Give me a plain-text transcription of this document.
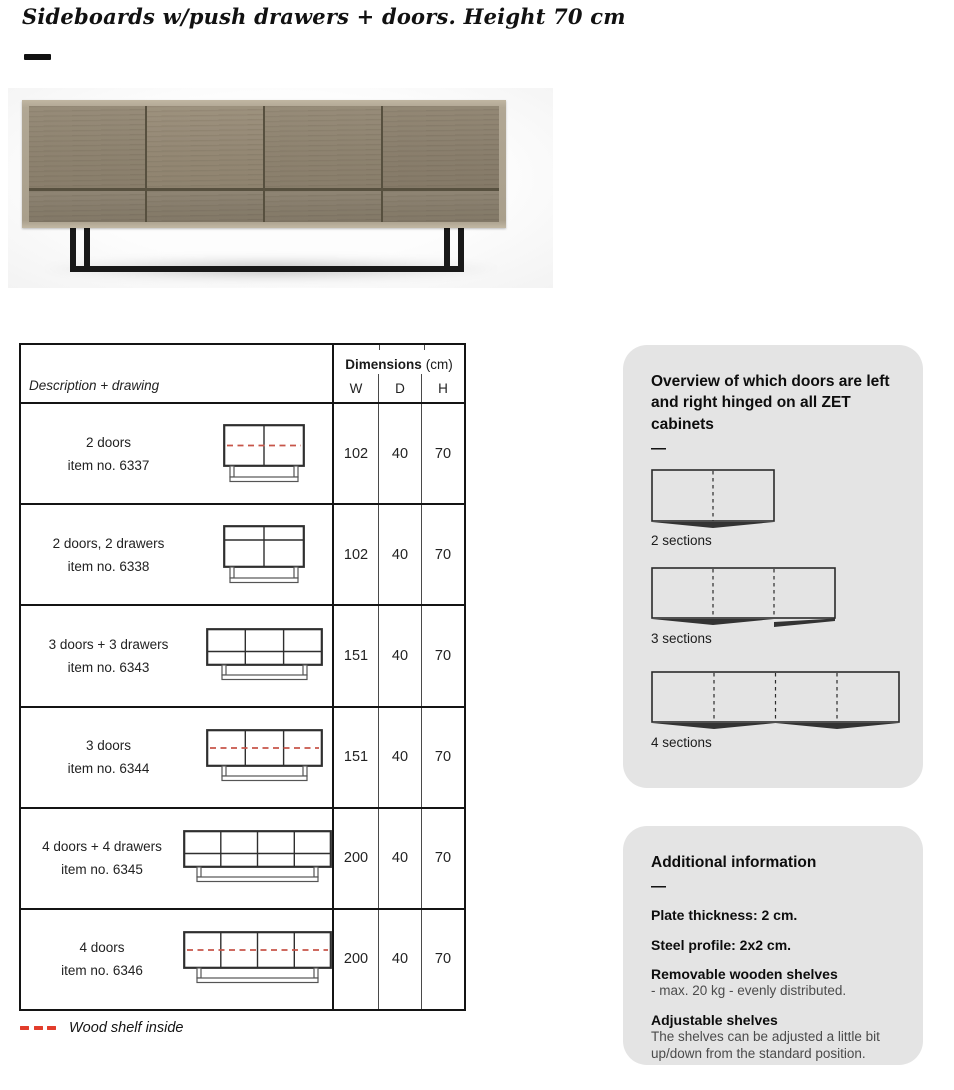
Sideboards w/push drawers + doors. Height 70 cm
Description + drawing
Dimensions (cm)
W	D	H
2 doors
item no. 6337
102	40	70
2 doors, 2 drawers
item no. 6338
102	40	70
3 doors + 3 drawers
item no. 6343
151	40	70
3 doors
item no. 6344
151	40	70
4 doors + 4 drawers
item no. 6345
200	40	70
4 doors
item no. 6346
200	40	70
Wood shelf inside
Overview of which doors are left and right hinged on all ZET cabinets
—
2 sections
3 sections
4 sections
Additional information
—
Plate thickness: 2 cm.
Steel profile: 2x2 cm.
Removable wooden shelves
- max. 20 kg - evenly distributed.
Adjustable shelves
The shelves can be adjusted a little bit up/down from the standard position.
